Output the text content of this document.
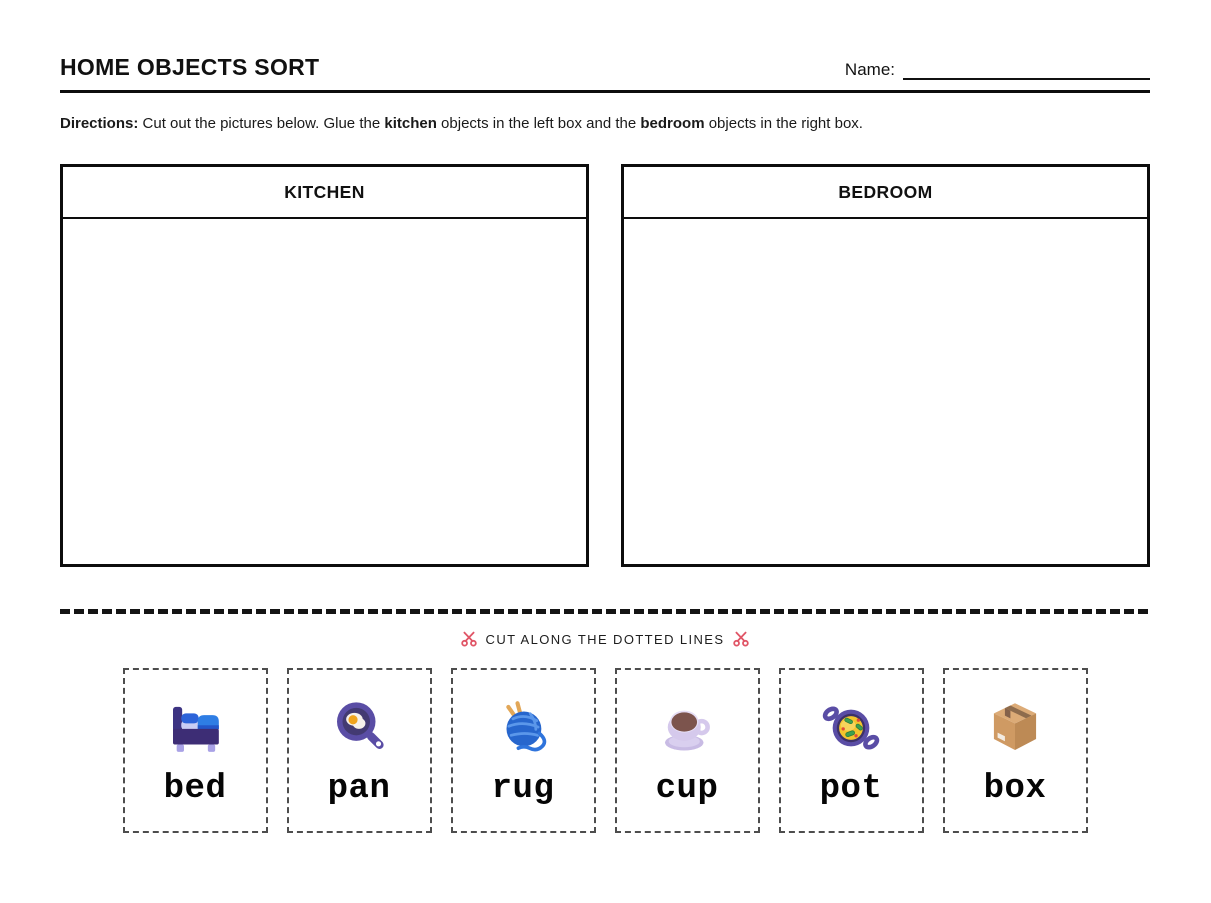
HOME OBJECTS SORT	Name:

Directions: Cut out the pictures below. Glue the kitchen objects in the left box and the bedroom objects in the right box.

KITCHEN	BEDROOM
CUT ALONG THE DOTTED LINES
bed	pan	rug	cup	pot	box
